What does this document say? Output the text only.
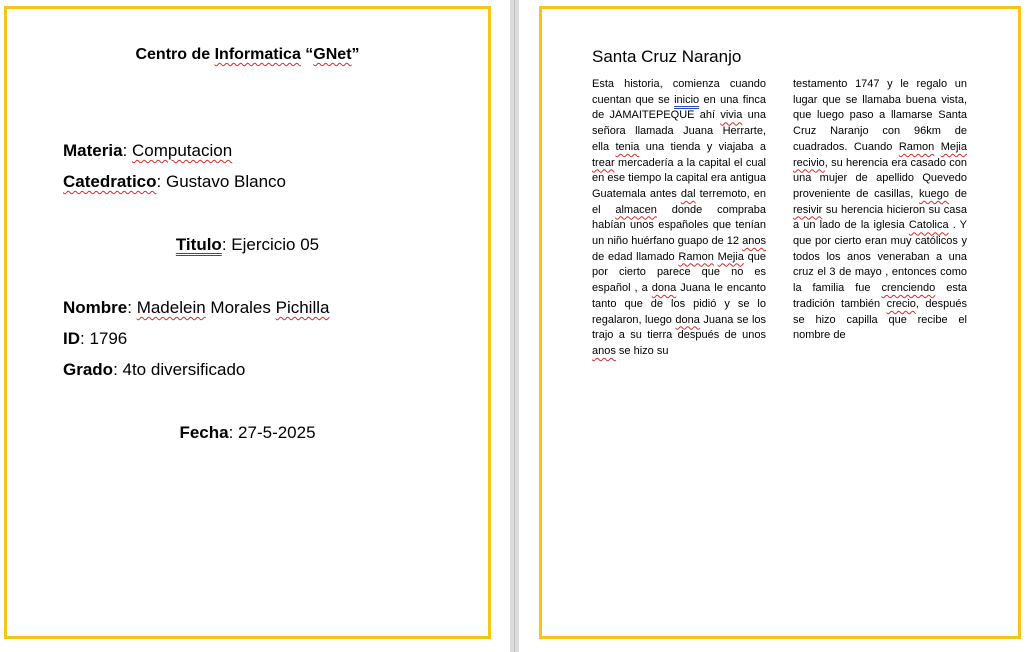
Centro de Informatica “GNet”
Materia: Computacion
Catedratico: Gustavo Blanco
Titulo: Ejercicio 05
Nombre: Madelein Morales Pichilla
ID: 1796
Grado: 4to diversificado
Fecha: 27-5-2025
Santa Cruz Naranjo
Esta historia, comienza cuando cuentan que se inicio en una finca de JAMAITEPEQUE ahí vivia una señora llamada Juana Herrarte, ella tenia una tienda y viajaba a trear mercadería a la capital el cual en ese tiempo la capital era antigua Guatemala antes dal terremoto, en el almacen donde compraba habían unos españoles que tenían un niño huérfano guapo de 12 anos de edad llamado Ramon Mejia que por cierto parece que no es español , a dona Juana le encanto tanto que de los pidió y se lo regalaron, luego dona Juana se los trajo a su tierra después de unos anos se hizo su
testamento 1747 y le regalo un lugar que se llamaba buena vista, que luego paso a llamarse Santa Cruz Naranjo con 96km de cuadrados. Cuando Ramon Mejia recivio, su herencia era casado con una mujer de apellido Quevedo proveniente de casillas, kuego de resivir su herencia hicieron su casa a un lado de la iglesia Catolica . Y que por cierto eran muy católicos y todos los anos veneraban a una cruz el 3 de mayo , entonces como la familia fue crenciendo esta tradición también crecio, después se hizo capilla que recibe el nombre de
